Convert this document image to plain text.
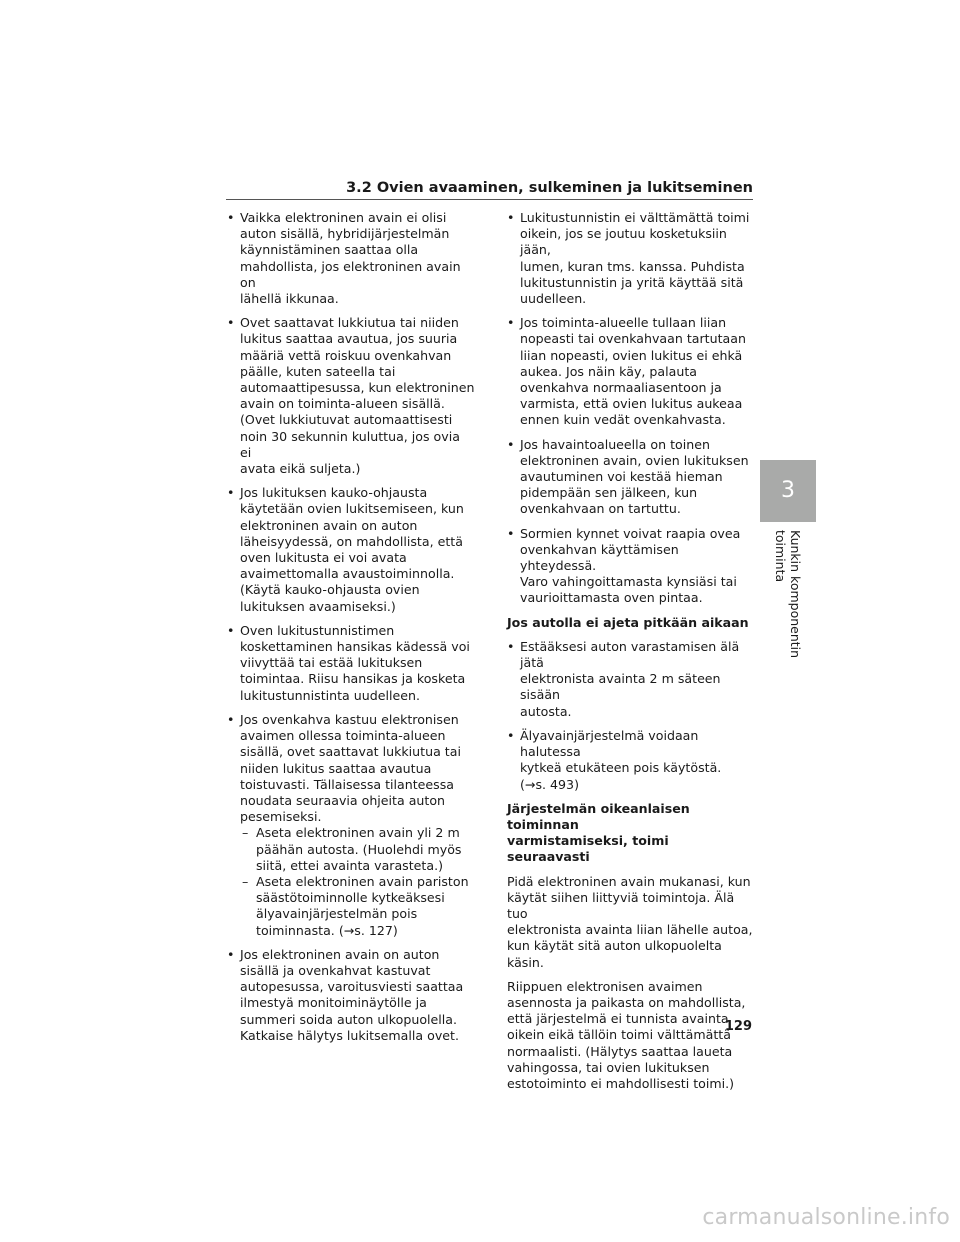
3.2 Ovien avaaminen, sulkeminen ja lukitseminen
• Vaikka elektroninen avain ei olisi
auton sisällä, hybridijärjestelmän
käynnistäminen saattaa olla
mahdollista, jos elektroninen avain on
lähellä ikkunaa.
• Ovet saattavat lukkiutua tai niiden
lukitus saattaa avautua, jos suuria
määriä vettä roiskuu ovenkahvan
päälle, kuten sateella tai
automaattipesussa, kun elektroninen
avain on toiminta-alueen sisällä.
(Ovet lukkiutuvat automaattisesti
noin 30 sekunnin kuluttua, jos ovia ei
avata eikä suljeta.)
• Jos lukituksen kauko-ohjausta
käytetään ovien lukitsemiseen, kun
elektroninen avain on auton
läheisyydessä, on mahdollista, että
oven lukitusta ei voi avata
avaimettomalla avaustoiminnolla.
(Käytä kauko-ohjausta ovien
lukituksen avaamiseksi.)
• Oven lukitustunnistimen
koskettaminen hansikas kädessä voi
viivyttää tai estää lukituksen
toimintaa. Riisu hansikas ja kosketa
lukitustunnistinta uudelleen.
• Jos ovenkahva kastuu elektronisen
avaimen ollessa toiminta-alueen
sisällä, ovet saattavat lukkiutua tai
niiden lukitus saattaa avautua
toistuvasti. Tällaisessa tilanteessa
noudata seuraavia ohjeita auton
pesemiseksi.
– Aseta elektroninen avain yli 2 m
päähän autosta. (Huolehdi myös
siitä, ettei avainta varasteta.)
– Aseta elektroninen avain pariston
säästötoiminnolle kytkeäksesi
älyavainjärjestelmän pois
toiminnasta. (→s. 127)
• Jos elektroninen avain on auton
sisällä ja ovenkahvat kastuvat
autopesussa, varoitusviesti saattaa
ilmestyä monitoiminäytölle ja
summeri soida auton ulkopuolella.
Katkaise hälytys lukitsemalla ovet.
• Lukitustunnistin ei välttämättä toimi
oikein, jos se joutuu kosketuksiin jään,
lumen, kuran tms. kanssa. Puhdista
lukitustunnistin ja yritä käyttää sitä
uudelleen.
• Jos toiminta-alueelle tullaan liian
nopeasti tai ovenkahvaan tartutaan
liian nopeasti, ovien lukitus ei ehkä
aukea. Jos näin käy, palauta
ovenkahva normaaliasentoon ja
varmista, että ovien lukitus aukeaa
ennen kuin vedät ovenkahvasta.
• Jos havaintoalueella on toinen
elektroninen avain, ovien lukituksen
avautuminen voi kestää hieman
pidempään sen jälkeen, kun
ovenkahvaan on tartuttu.
• Sormien kynnet voivat raapia ovea
ovenkahvan käyttämisen yhteydessä.
Varo vahingoittamasta kynsiäsi tai
vaurioittamasta oven pintaa.
Jos autolla ei ajeta pitkään aikaan
• Estääksesi auton varastamisen älä jätä
elektronista avainta 2 m säteen sisään
autosta.
• Älyavainjärjestelmä voidaan halutessa
kytkeä etukäteen pois käytöstä.
(→s. 493)
Järjestelmän oikeanlaisen toiminnan
varmistamiseksi, toimi seuraavasti
Pidä elektroninen avain mukanasi, kun
käytät siihen liittyviä toimintoja. Älä tuo
elektronista avainta liian lähelle autoa,
kun käytät sitä auton ulkopuolelta käsin.
Riippuen elektronisen avaimen
asennosta ja paikasta on mahdollista,
että järjestelmä ei tunnista avainta
oikein eikä tällöin toimi välttämättä
normaalisti. (Hälytys saattaa laueta
vahingossa, tai ovien lukituksen
estotoiminto ei mahdollisesti toimi.)
3
Kunkin komponentin toiminta
129
carmanualsonline.info
